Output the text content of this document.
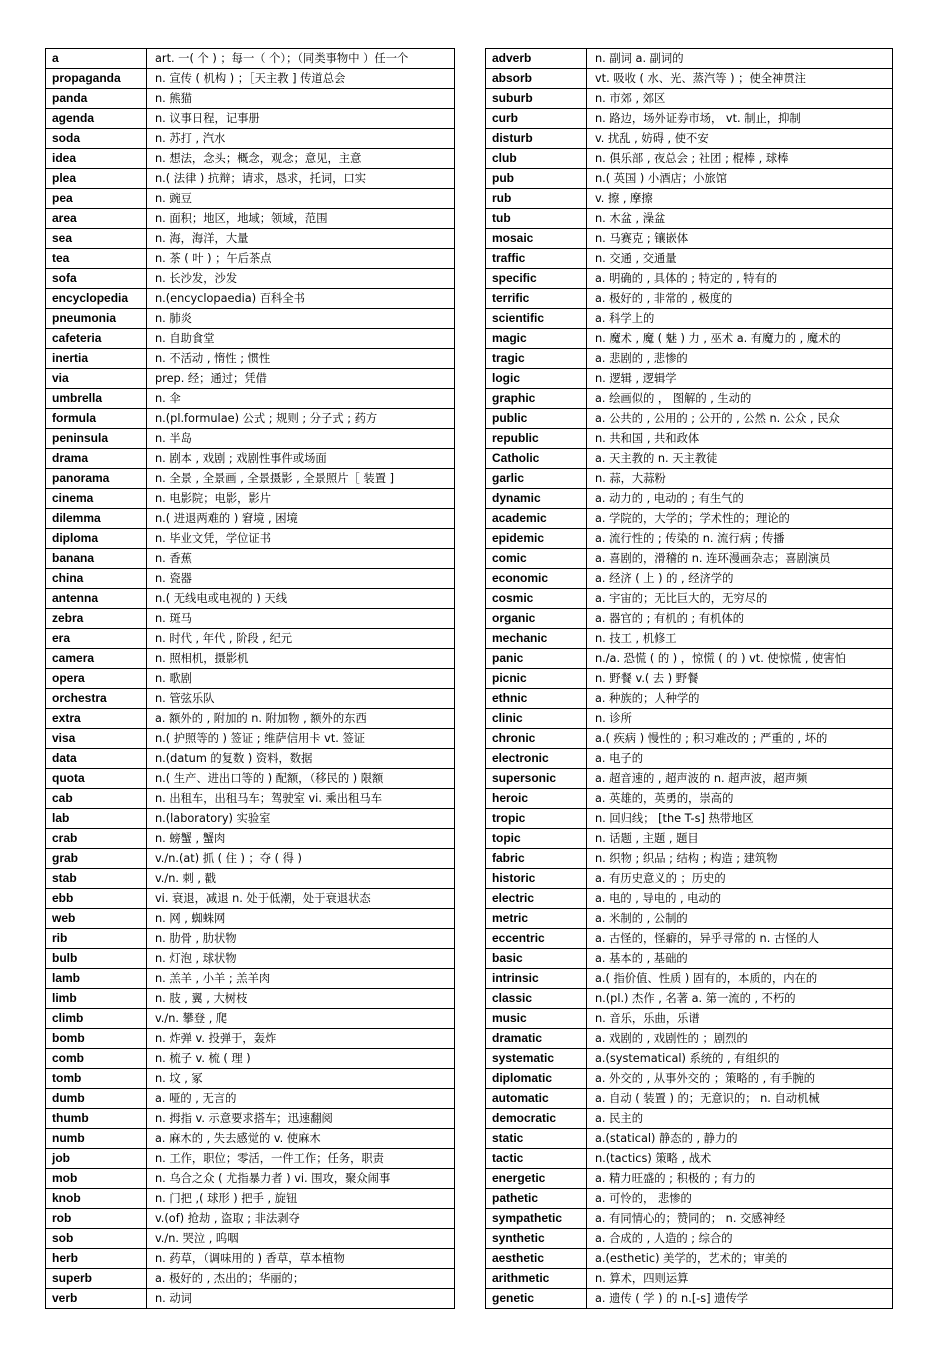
a	art. 一( 个 ) ；每一（ 个）；（同类事物中 ）任一个
propaganda	n. 宣传 ( 机构 ) ；［天主教 ] 传道总会
panda	n. 熊猫
agenda	n. 议事日程，记事册
soda	n. 苏打 , 汽水
idea	n. 想法，念头；概念，观念；意见，主意
plea	n.( 法律 ) 抗辩；请求，恳求，托词，口实
pea	n. 豌豆
area	n. 面积；地区，地域；领域，范围
sea	n. 海，海洋，大量
tea	n. 茶 ( 叶 ) ；午后茶点
sofa	n. 长沙发，沙发
encyclopedia	n.(encyclopaedia) 百科全书
pneumonia	n. 肺炎
cafeteria	n. 自助食堂
inertia	n. 不活动 , 惰性 ; 惯性
via	prep. 经；通过；凭借
umbrella	n. 伞
formula	n.(pl.formulae) 公式 ; 规则 ; 分子式 ; 药方
peninsula	n. 半岛
drama	n. 剧本 , 戏剧 ; 戏剧性事件或场面
panorama	n. 全景 , 全景画 , 全景摄影 , 全景照片［ 装置 ]
cinema	n. 电影院；电影，影片
dilemma	n.( 进退两难的 ) 窘境 , 困境
diploma	n. 毕业文凭，学位证书
banana	n. 香蕉
china	n. 瓷器
antenna	n.( 无线电或电视的 ) 天线
zebra	n. 斑马
era	n. 时代 , 年代 , 阶段 , 纪元
camera	n. 照相机，摄影机
opera	n. 歌剧
orchestra	n. 管弦乐队
extra	a. 额外的 , 附加的 n. 附加物 , 额外的东西
visa	n.( 护照等的 ) 签证 ; 维萨信用卡 vt. 签证
data	n.(datum 的复数 ) 资料，数据
quota	n.( 生产、进出口等的 ) 配额，（移民的 ) 限额
cab	n. 出租车，出租马车；驾驶室 vi. 乘出租马车
lab	n.(laboratory) 实验室
crab	n. 螃蟹 , 蟹肉
grab	v./n.(at) 抓 ( 住 ) ；夺 ( 得 )
stab	v./n. 刺 , 戳
ebb	vi. 衰退，减退 n. 处于低潮，处于衰退状态
web	n. 网 , 蜘蛛网
rib	n. 肋骨 , 肋状物
bulb	n. 灯泡 , 球状物
lamb	n. 羔羊 , 小羊 ; 羔羊肉
limb	n. 肢 , 翼 , 大树枝
climb	v./n. 攀登 , 爬
bomb	n. 炸弹 v. 投弹于，轰炸
comb	n. 梳子 v. 梳 ( 理 )
tomb	n. 坟 , 冢
dumb	a. 哑的 , 无言的
thumb	n. 拇指 v. 示意要求搭车；迅速翻阅
numb	a. 麻木的 , 失去感觉的 v. 使麻木
job	n. 工作，职位；零活，一件工作；任务，职责
mob	n. 乌合之众 ( 尤指暴力者 ) vi. 围攻，聚众闹事
knob	n. 门把 ,( 球形 ) 把手 , 旋钮
rob	v.(of) 抢劫 , 盗取 ; 非法剥夺
sob	v./n. 哭泣 , 呜咽
herb	n. 药草，（调味用的 ) 香草，草本植物
superb	a. 极好的 , 杰出的；华丽的；
verb	n. 动词
adverb	n. 副词 a. 副词的
absorb	vt. 吸收 ( 水、光、蒸汽等 ) ；使全神贯注
suburb	n. 市郊 , 郊区
curb	n. 路边，场外证券市场， vt. 制止，抑制
disturb	v. 扰乱 , 妨碍 , 使不安
club	n. 俱乐部 , 夜总会 ; 社团 ; 棍棒 , 球棒
pub	n.( 英国 ) 小酒店；小旅馆
rub	v. 擦 , 摩擦
tub	n. 木盆 , 澡盆
mosaic	n. 马赛克 ; 镶嵌体
traffic	n. 交通 , 交通量
specific	a. 明确的 , 具体的 ; 特定的 , 特有的
terrific	a. 极好的 , 非常的 , 极度的
scientific	a. 科学上的
magic	n. 魔术 , 魔 ( 魅 ) 力 , 巫术 a. 有魔力的 , 魔术的
tragic	a. 悲剧的 , 悲惨的
logic	n. 逻辑 , 逻辑学
graphic	a. 绘画似的 ， 图解的 , 生动的
public	a. 公共的 , 公用的 ; 公开的 , 公然 n. 公众 , 民众
republic	n. 共和国 , 共和政体
Catholic	a. 天主教的 n. 天主教徒
garlic	n. 蒜，大蒜粉
dynamic	a. 动力的 , 电动的 ; 有生气的
academic	a. 学院的，大学的；学术性的；理论的
epidemic	a. 流行性的 ; 传染的 n. 流行病 ; 传播
comic	a. 喜剧的，滑稽的 n. 连环漫画杂志；喜剧演员
economic	a. 经济 ( 上 ) 的 , 经济学的
cosmic	a. 宇宙的；无比巨大的，无穷尽的
organic	a. 器官的 ; 有机的 ; 有机体的
mechanic	n. 技工 , 机修工
panic	n./a. 恐慌 ( 的 ) ，惊慌 ( 的 ) vt. 使惊慌 , 使害怕
picnic	n. 野餐 v.( 去 ) 野餐
ethnic	a. 种族的；人种学的
clinic	n. 诊所
chronic	a.( 疾病 ) 慢性的 ; 积习难改的 ; 严重的 , 坏的
electronic	a. 电子的
supersonic	a. 超音速的 , 超声波的 n. 超声波，超声频
heroic	a. 英雄的，英勇的，崇高的
tropic	n. 回归线； [the T-s] 热带地区
topic	n. 话题 , 主题 , 题目
fabric	n. 织物 ; 织品 ; 结构 ; 构造 ; 建筑物
historic	a. 有历史意义的 ；历史的
electric	a. 电的 , 导电的 , 电动的
metric	a. 米制的 , 公制的
eccentric	a. 古怪的，怪癖的，异乎寻常的 n. 古怪的人
basic	a. 基本的 , 基础的
intrinsic	a.( 指价值、性质 ) 固有的，本质的，内在的
classic	n.(pl.) 杰作 , 名著 a. 第一流的 , 不朽的
music	n. 音乐，乐曲，乐谱
dramatic	a. 戏剧的 , 戏剧性的 ；剧烈的
systematic	a.(systematical) 系统的 , 有组织的
diplomatic	a. 外交的 , 从事外交的 ；策略的 , 有手腕的
automatic	a. 自动 ( 装置 ) 的；无意识的； n. 自动机械
democratic	a. 民主的
static	a.(statical) 静态的 , 静力的
tactic	n.(tactics) 策略 , 战术
energetic	a. 精力旺盛的 ; 积极的 ; 有力的
pathetic	a. 可怜的， 悲惨的
sympathetic	a. 有同情心的；赞同的； n. 交感神经
synthetic	a. 合成的 , 人造的 ; 综合的
aesthetic	a.(esthetic) 美学的，艺术的；审美的
arithmetic	n. 算术，四则运算
genetic	a. 遗传 ( 学 ) 的 n.[-s] 遗传学
